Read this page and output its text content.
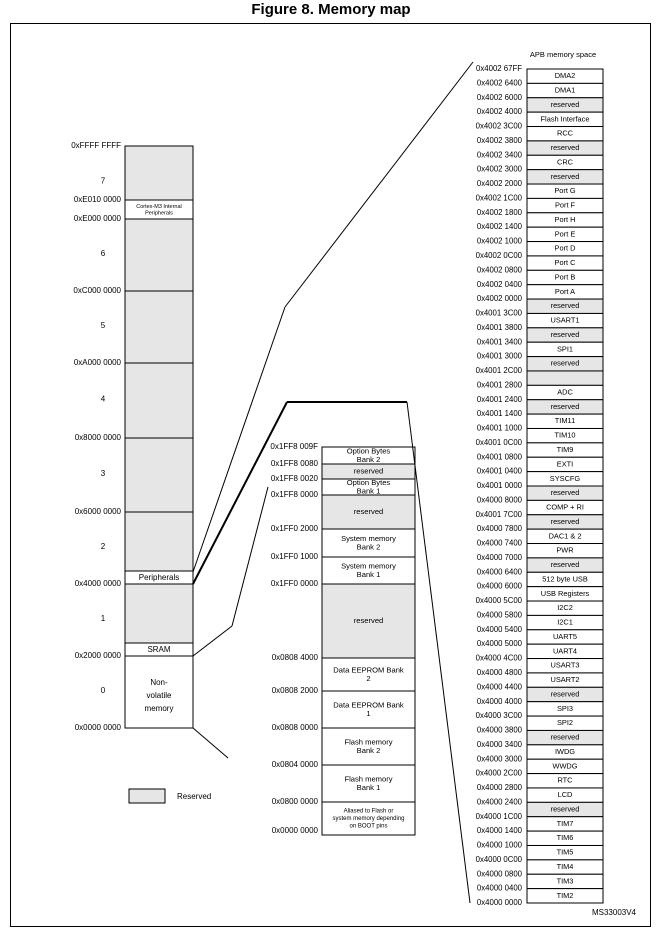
Figure 8. Memory map
Cortex-M3 Internal Peripherals
Peripherals
SRAM
Non-volatile memory
0xFFFF FFFF
0xE010 0000
7
0xE000 0000
6
0xC000 0000
5
0xA000 0000
4
0x8000 0000
3
0x6000 0000
2
0x4000 0000
1
0x2000 0000
0
0x0000 0000
Reserved
Option Bytes Bank 2
0x1FF8 009F
reserved
0x1FF8 0080
Option Bytes Bank 1
0x1FF8 0020
reserved
0x1FF8 0000
System memory Bank 2
0x1FF0 2000
System memory Bank 1
0x1FF0 1000
reserved
0x1FF0 0000
Data EEPROM Bank 2
0x0808 4000
Data EEPROM Bank 1
0x0808 2000
Flash memory Bank 2
0x0808 0000
Flash memory Bank 1
0x0804 0000
Aliased to Flash or system memory depending on BOOT pins
0x0800 0000
0x0000 0000
APB memory space
0x4002 67FF
DMA2
0x4002 6400
DMA1
0x4002 6000
reserved
0x4002 4000
Flash Interface
0x4002 3C00
RCC
0x4002 3800
reserved
0x4002 3400
CRC
0x4002 3000
reserved
0x4002 2000
Port G
0x4002 1C00
Port F
0x4002 1800
Port H
0x4002 1400
Port E
0x4002 1000
Port D
0x4002 0C00
Port C
0x4002 0800
Port B
0x4002 0400
Port A
0x4002 0000
reserved
0x4001 3C00
USART1
0x4001 3800
reserved
0x4001 3400
SPI1
0x4001 3000
reserved
0x4001 2C00
0x4001 2800
ADC
0x4001 2400
reserved
0x4001 1400
TIM11
0x4001 1000
TIM10
0x4001 0C00
TIM9
0x4001 0800
EXTI
0x4001 0400
SYSCFG
0x4001 0000
reserved
0x4000 8000
COMP + RI
0x4001 7C00
reserved
0x4000 7800
DAC1 & 2
0x4000 7400
PWR
0x4000 7000
reserved
0x4000 6400
512 byte USB
0x4000 6000
USB Registers
0x4000 5C00
I2C2
0x4000 5800
I2C1
0x4000 5400
UART5
0x4000 5000
UART4
0x4000 4C00
USART3
0x4000 4800
USART2
0x4000 4400
reserved
0x4000 4000
SPI3
0x4000 3C00
SPI2
0x4000 3800
reserved
0x4000 3400
IWDG
0x4000 3000
WWDG
0x4000 2C00
RTC
0x4000 2800
LCD
0x4000 2400
reserved
0x4000 1C00
TIM7
0x4000 1400
TIM6
0x4000 1000
TIM5
0x4000 0C00
TIM4
0x4000 0800
TIM3
0x4000 0400
TIM2
0x4000 0000
MS33003V4
